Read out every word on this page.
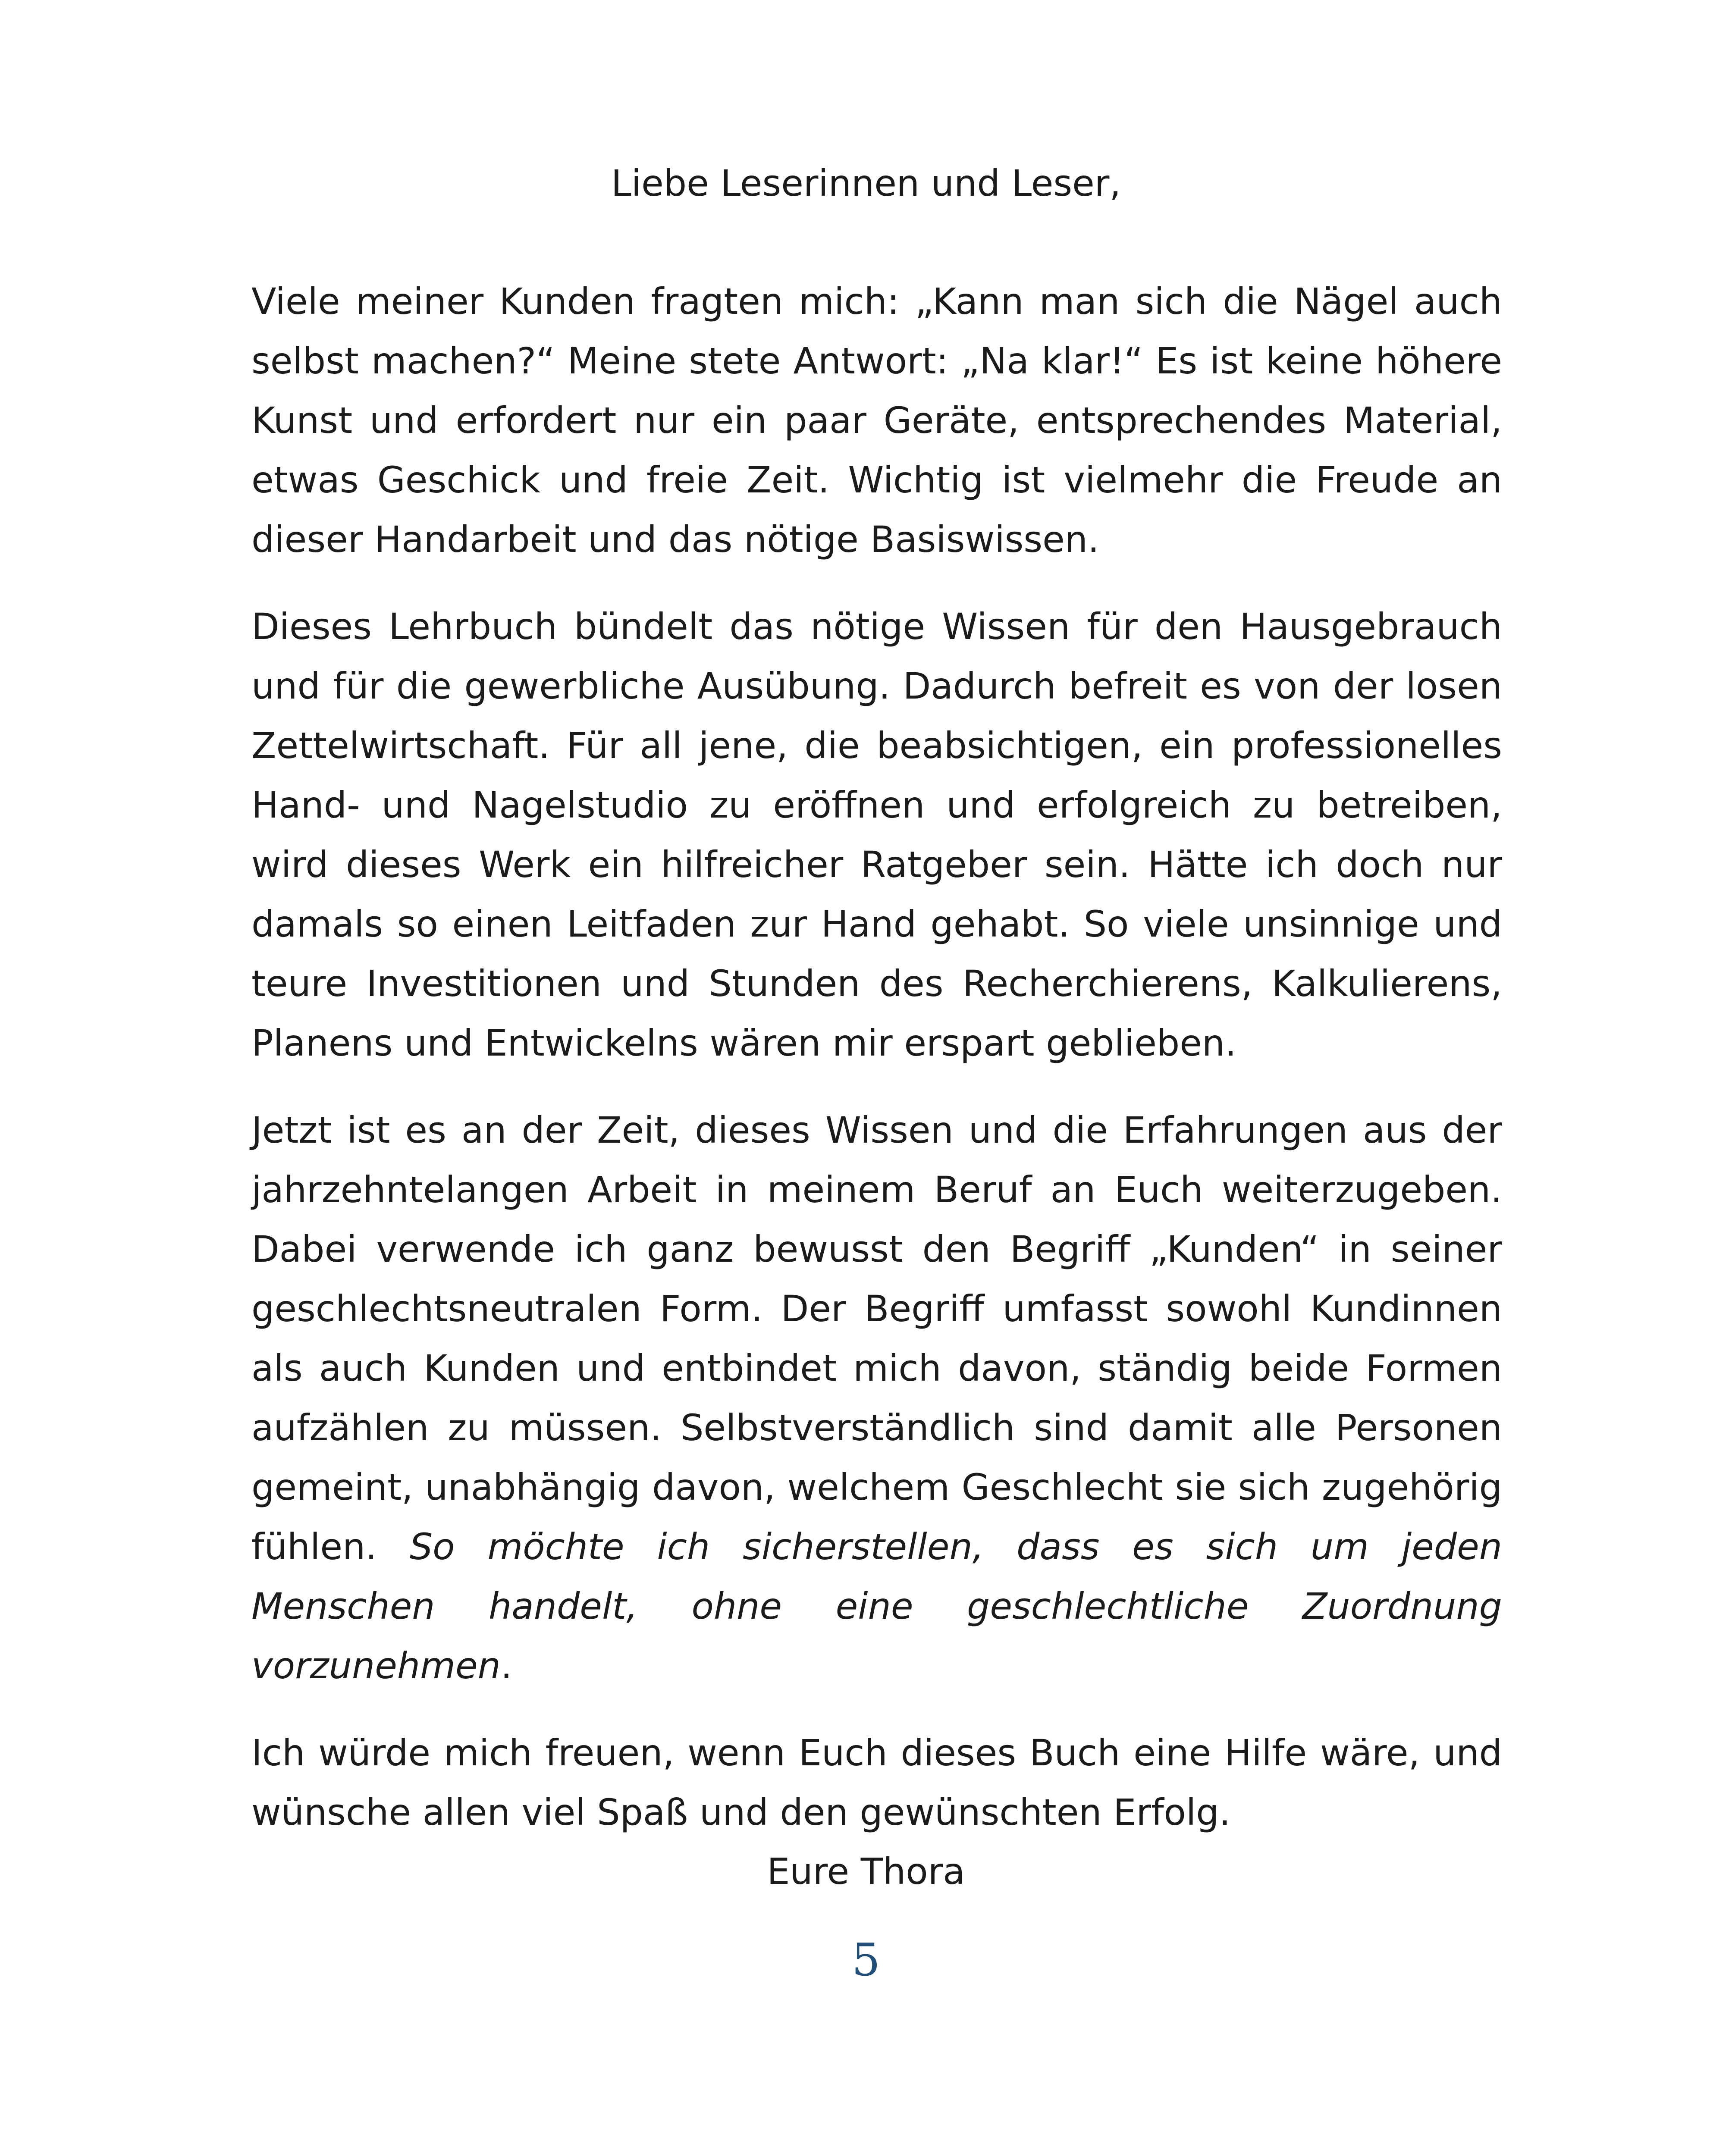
Liebe Leserinnen und Leser,

Viele meiner Kunden fragten mich: „Kann man sich die Nägel auch selbst machen?“ Meine stete Antwort: „Na klar!“ Es ist keine höhere Kunst und erfordert nur ein paar Geräte, entsprechendes Material, etwas Geschick und freie Zeit. Wichtig ist vielmehr die Freude an dieser Handarbeit und das nötige Basiswissen.

Dieses Lehrbuch bündelt das nötige Wissen für den Hausgebrauch und für die gewerbliche Ausübung. Dadurch befreit es von der losen Zettelwirtschaft. Für all jene, die beabsichtigen, ein professionelles Hand- und Nagelstudio zu eröffnen und erfolgreich zu betreiben, wird dieses Werk ein hilfreicher Ratgeber sein. Hätte ich doch nur damals so einen Leitfaden zur Hand gehabt. So viele unsinnige und teure Investitionen und Stunden des Recherchierens, Kalkulierens, Planens und Entwickelns wären mir erspart geblieben.

Jetzt ist es an der Zeit, dieses Wissen und die Erfahrungen aus der jahrzehntelangen Arbeit in meinem Beruf an Euch weiterzugeben. Dabei verwende ich ganz bewusst den Begriff „Kunden“ in seiner geschlechtsneutralen Form. Der Begriff umfasst sowohl Kundinnen als auch Kunden und entbindet mich davon, ständig beide Formen aufzählen zu müssen. Selbstverständlich sind damit alle Personen gemeint, unabhängig davon, welchem Geschlecht sie sich zugehörig fühlen. So möchte ich sicherstellen, dass es sich um jeden Menschen handelt, ohne eine geschlechtliche Zuordnung vorzunehmen.

Ich würde mich freuen, wenn Euch dieses Buch eine Hilfe wäre, und wünsche allen viel Spaß und den gewünschten Erfolg.

Eure Thora

5
